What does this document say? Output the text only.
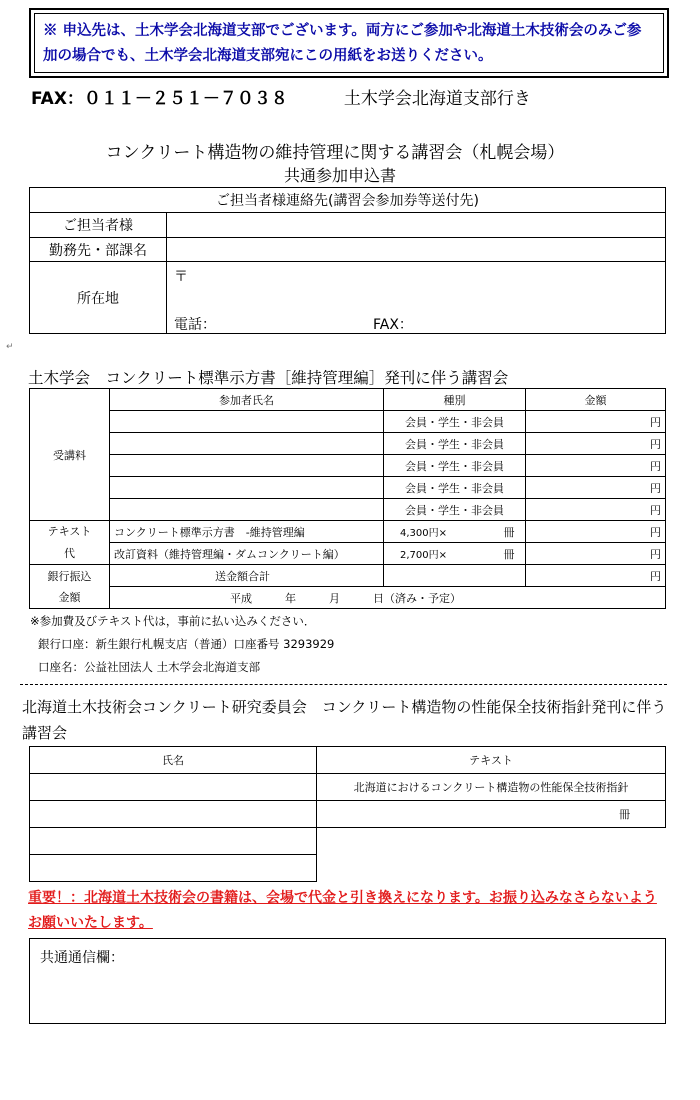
※ 申込先は、土木学会北海道支部でございます。両方にご参加や北海道土木技術会のみご参加の場合でも、土木学会北海道支部宛にこの用紙をお送りください。
FAX：０１１－２５１－７０３８	土木学会北海道支部行き
コンクリート構造物の維持管理に関する講習会（札幌会場）
共通参加申込書
ご担当者様連絡先(講習会参加券等送付先)	
ご担当者様	
勤務先・部課名	
所在地	〒
電話： FAX：
↵
土木学会　コンクリート標準示方書［維持管理編］発刊に伴う講習会
受講料	参加者氏名	種別	金額
		会員・学生・非会員	円
		会員・学生・非会員	円
		会員・学生・非会員	円
		会員・学生・非会員	円
		会員・学生・非会員	円
テキスト	コンクリート標準示方書　-維持管理編	4,300円× 冊	円
代	改訂資料（維持管理編・ダムコンクリート編）	2,700円× 冊	円
銀行振込	送金額合計		円
金額	平成　　　年　　　月　　　日（済み・予定）		
※参加費及びテキスト代は，事前に払い込みください．
銀行口座：新生銀行札幌支店（普通）口座番号 3293929
口座名：公益社団法人 土木学会北海道支部
北海道土木技術会コンクリート研究委員会　コンクリート構造物の性能保全技術指針発刊に伴う講習会
氏名	テキスト
	北海道におけるコンクリート構造物の性能保全技術指針
	冊

重要！：北海道土木技術会の書籍は、会場で代金と引き換えになります。お振り込みなさらないようお願いいたします。
共通通信欄：
